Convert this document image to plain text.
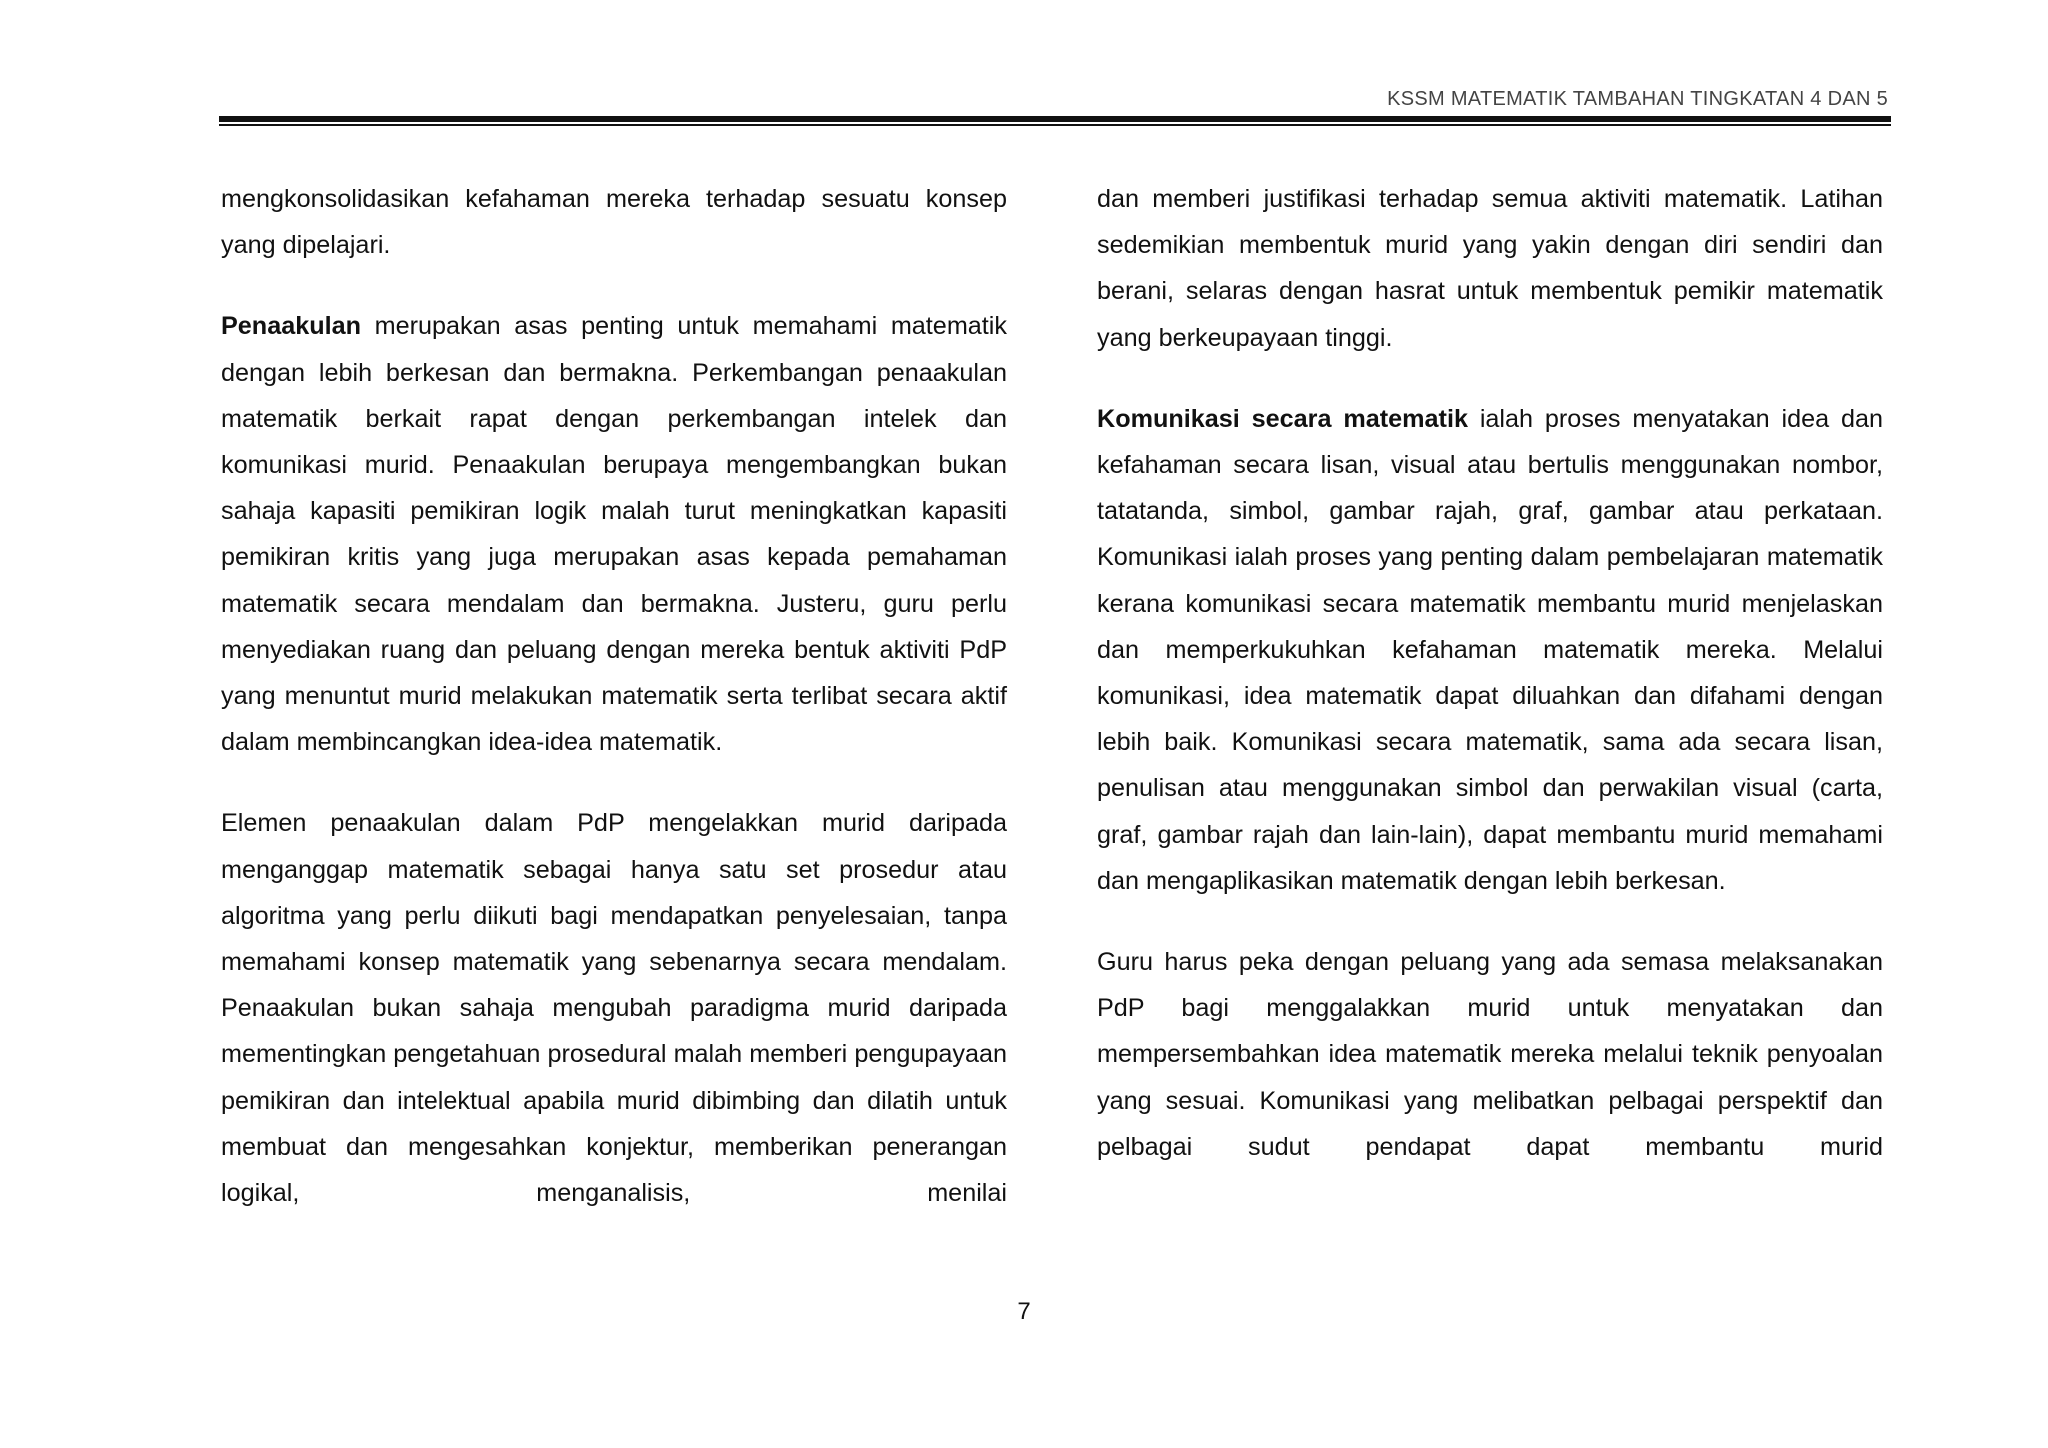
KSSM MATEMATIK TAMBAHAN TINGKATAN 4 DAN 5

mengkonsolidasikan kefahaman mereka terhadap sesuatu konsep yang dipelajari.

Penaakulan merupakan asas penting untuk memahami matematik dengan lebih berkesan dan bermakna. Perkembangan penaakulan matematik berkait rapat dengan perkembangan intelek dan komunikasi murid. Penaakulan berupaya mengembangkan bukan sahaja kapasiti pemikiran logik malah turut meningkatkan kapasiti pemikiran kritis yang juga merupakan asas kepada pemahaman matematik secara mendalam dan bermakna. Justeru, guru perlu menyediakan ruang dan peluang dengan mereka bentuk aktiviti PdP yang menuntut murid melakukan matematik serta terlibat secara aktif dalam membincangkan idea-idea matematik.

Elemen penaakulan dalam PdP mengelakkan murid daripada menganggap matematik sebagai hanya satu set prosedur atau algoritma yang perlu diikuti bagi mendapatkan penyelesaian, tanpa memahami konsep matematik yang sebenarnya secara mendalam. Penaakulan bukan sahaja mengubah paradigma murid daripada mementingkan pengetahuan prosedural malah memberi pengupayaan pemikiran dan intelektual apabila murid dibimbing dan dilatih untuk membuat dan mengesahkan konjektur, memberikan penerangan logikal, menganalisis, menilai

dan memberi justifikasi terhadap semua aktiviti matematik. Latihan sedemikian membentuk murid yang yakin dengan diri sendiri dan berani, selaras dengan hasrat untuk membentuk pemikir matematik yang berkeupayaan tinggi.

Komunikasi secara matematik ialah proses menyatakan idea dan kefahaman secara lisan, visual atau bertulis menggunakan nombor, tatatanda, simbol, gambar rajah, graf, gambar atau perkataan. Komunikasi ialah proses yang penting dalam pembelajaran matematik kerana komunikasi secara matematik membantu murid menjelaskan dan memperkukuhkan kefahaman matematik mereka. Melalui komunikasi, idea matematik dapat diluahkan dan difahami dengan lebih baik. Komunikasi secara matematik, sama ada secara lisan, penulisan atau menggunakan simbol dan perwakilan visual (carta, graf, gambar rajah dan lain-lain), dapat membantu murid memahami dan mengaplikasikan matematik dengan lebih berkesan.

Guru harus peka dengan peluang yang ada semasa melaksanakan PdP bagi menggalakkan murid untuk menyatakan dan mempersembahkan idea matematik mereka melalui teknik penyoalan yang sesuai. Komunikasi yang melibatkan pelbagai perspektif dan pelbagai sudut pendapat dapat membantu murid

7
